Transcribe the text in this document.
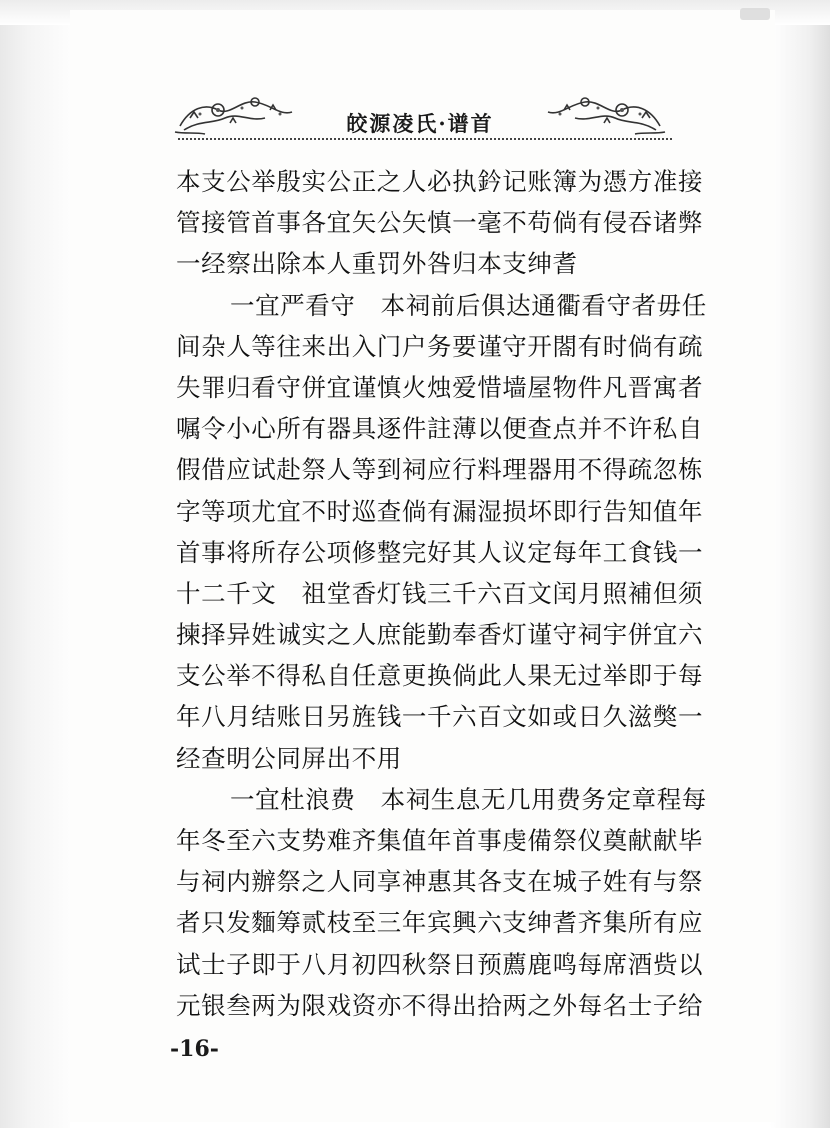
皎源凌氏·谱首
本支公举殷实公正之人必执鈐记账簿为憑方准接
管接管首事各宜矢公矢慎一毫不苟倘有侵吞诸弊
一经察出除本人重罚外咎归本支绅耆
一宜严看守　本祠前后俱达通衢看守者毋任
间杂人等往来出入门户务要谨守开閤有时倘有疏
失罪归看守併宜谨慎火烛爱惜墙屋物件凡晋寓者
嘱令小心所有器具逐件註薄以便查点并不许私自
假借应试赴祭人等到祠应行料理器用不得疏忽栋
字等项尤宜不时巡查倘有漏湿损坏即行告知值年
首事将所存公项修整完好其人议定每年工食钱一
十二千文　祖堂香灯钱三千六百文闰月照補但须
揀择异姓诚实之人庶能勤奉香灯谨守祠宇併宜六
支公举不得私自任意更换倘此人果无过举即于每
年八月结账日另旌钱一千六百文如或日久滋獘一
经查明公同屏出不用
一宜杜浪费　本祠生息无几用费务定章程每
年冬至六支势难齐集值年首事虔備祭仪奠献献毕
与祠内辦祭之人同享神惠其各支在城子姓有与祭
者只发麵筹贰枝至三年宾興六支绅耆齐集所有应
试士子即于八月初四秋祭日预薦鹿鸣每席酒赀以
元银叁两为限戏资亦不得出拾两之外每名士子给
-16-
